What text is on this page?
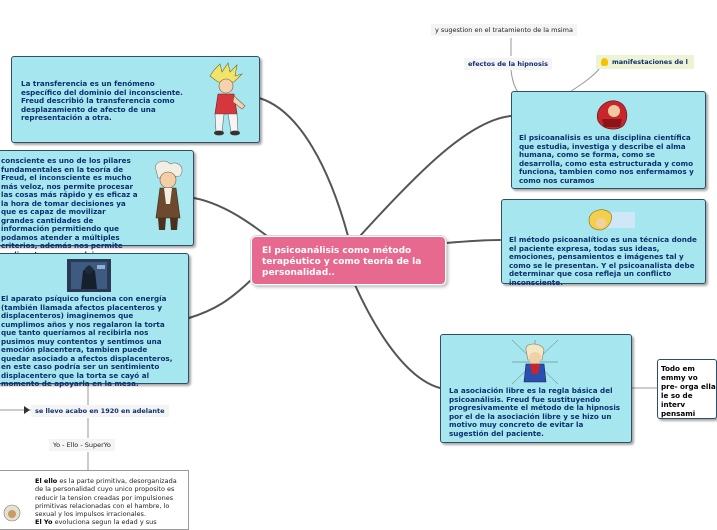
El psicoanálisis como método terapéutico y como teoría de la personalidad..
La transferencia es un fenómeno específico del dominio del inconsciente. Freud describió la transferencia como desplazamiento de afecto de una representación a otra.
consciente es uno de los pilares fundamentales en la teoría de Freud, el inconsciente es mucho más veloz, nos permite procesar las cosas más rápido y es eficaz a la hora de tomar decisiones ya que es capaz de movilizar grandes cantidades de información permitiendo que podamos atender a múltiples criterios, además nos permite
El aparato psíquico funciona con energía (también llamada afectos placenteros y displacenteros) imaginemos que cumplimos años y nos regalaron la torta que tanto queríamos al recibirla nos pusimos muy contentos y sentimos una emoción placentera, tambien puede quedar asociado a afectos displacenteros, en este caso podría ser un sentimiento displacentero que la torta se cayó al momento de apoyarla en la mesa.
se llevo acabo en 1920 en adelante
Yo - Ello - SuperYo
El ello es la parte primitiva, desorganizada de la personalidad cuyo unico proposito es reducir la tension creadas por impulsiones primitivas relacionadas con el hambre, lo sexual y los impulsos irracionales.
El Yo evoluciona segun la edad y sus
y sugestion en el tratamiento de la msima
efectos de la hipnosis	manifestaciones de l
El psicoanalisis es una disciplina científica que estudia, investiga y describe el alma humana, como se forma, como se desarrolla, como esta estructurada y como funciona, tambien como nos enfermamos y como nos curamos
El método psicoanalítico es una técnica donde el paciente expresa, todas sus ideas, emociones, pensamientos e imágenes tal y como se le presentan. Y el psicoanalista debe determinar que cosa refleja un conflicto inconsciente.
La asociación libre es la regla básica del psicoanálisis. Freud fue sustituyendo progresivamente el método de la hipnosis por el de la asociación libre y se hizo un motivo muy concreto de evitar la sugestión del paciente.
Todo em emmy vo pre- orga ella le so de interv pensami
